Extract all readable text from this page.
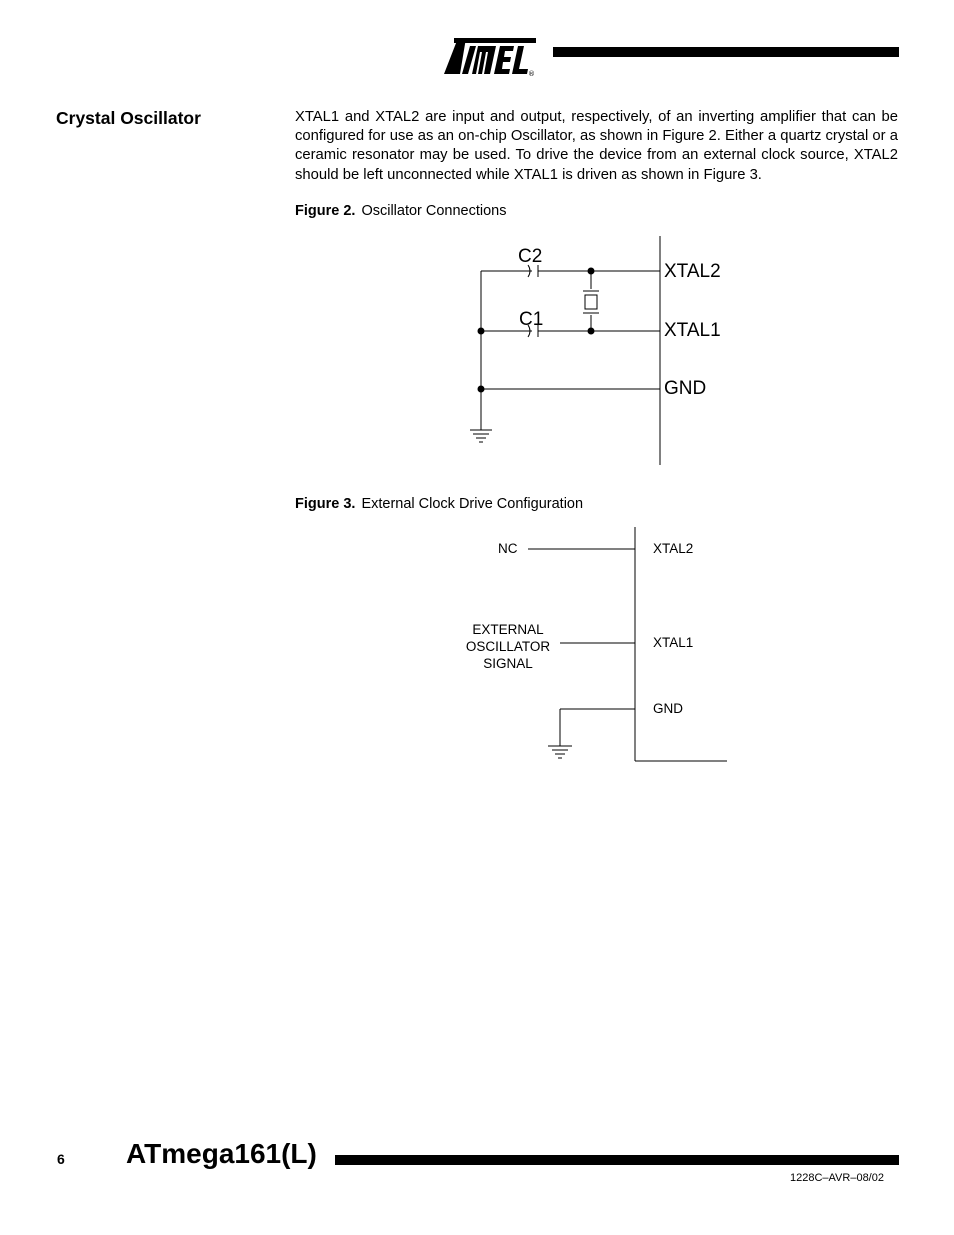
®
Crystal Oscillator	XTAL1 and XTAL2 are input and output, respectively, of an inverting amplifier that can be configured for use as an on-chip Oscillator, as shown in Figure 2. Either a quartz crystal or a ceramic resonator may be used. To drive the device from an external clock source, XTAL2 should be left unconnected while XTAL1 is driven as shown in Figure 3.

Figure 2. Oscillator Connections

Figure 3. External Clock Drive Configuration

C2
C1
XTAL2
XTAL1
GND
NC
EXTERNAL
OSCILLATOR
SIGNAL
XTAL2
XTAL1
GND
6 ATmega161(L)
1228C–AVR–08/02
